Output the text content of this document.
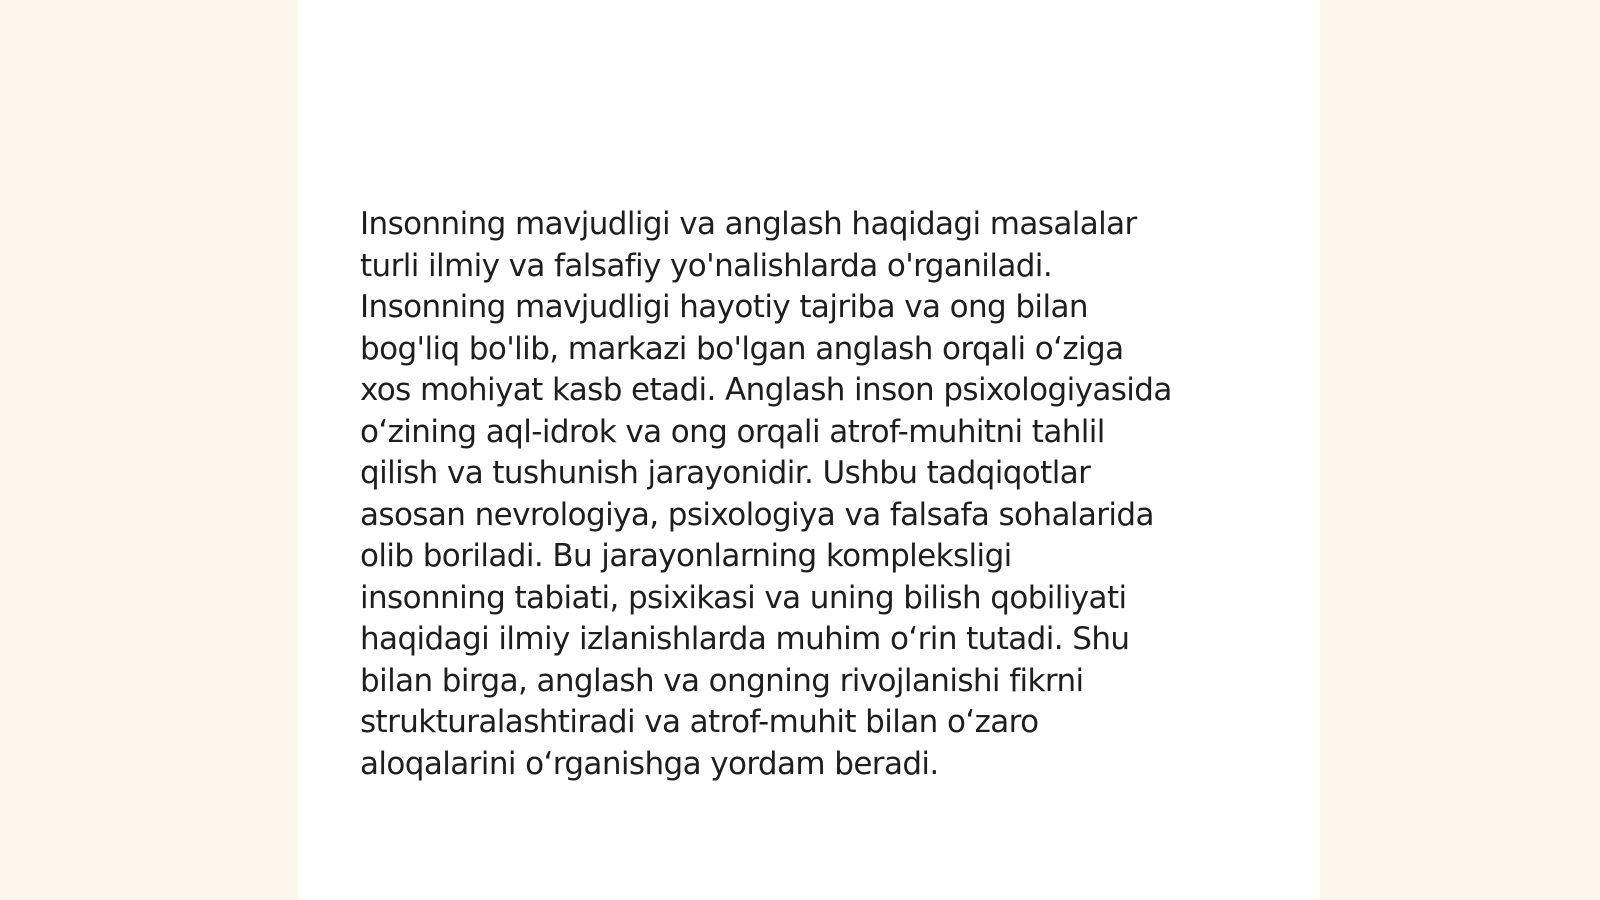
Insonning mavjudligi va anglash haqidagi masalalar
turli ilmiy va falsafiy yo'nalishlarda o'rganiladi.
Insonning mavjudligi hayotiy tajriba va ong bilan
bog'liq bo'lib, markazi bo'lgan anglash orqali o‘ziga
xos mohiyat kasb etadi. Anglash inson psixologiyasida
o‘zining aql-idrok va ong orqali atrof-muhitni tahlil
qilish va tushunish jarayonidir. Ushbu tadqiqotlar
asosan nevrologiya, psixologiya va falsafa sohalarida
olib boriladi. Bu jarayonlarning kompleksligi
insonning tabiati, psixikasi va uning bilish qobiliyati
haqidagi ilmiy izlanishlarda muhim o‘rin tutadi. Shu
bilan birga, anglash va ongning rivojlanishi fikrni
strukturalashtiradi va atrof-muhit bilan o‘zaro
aloqalarini o‘rganishga yordam beradi.
